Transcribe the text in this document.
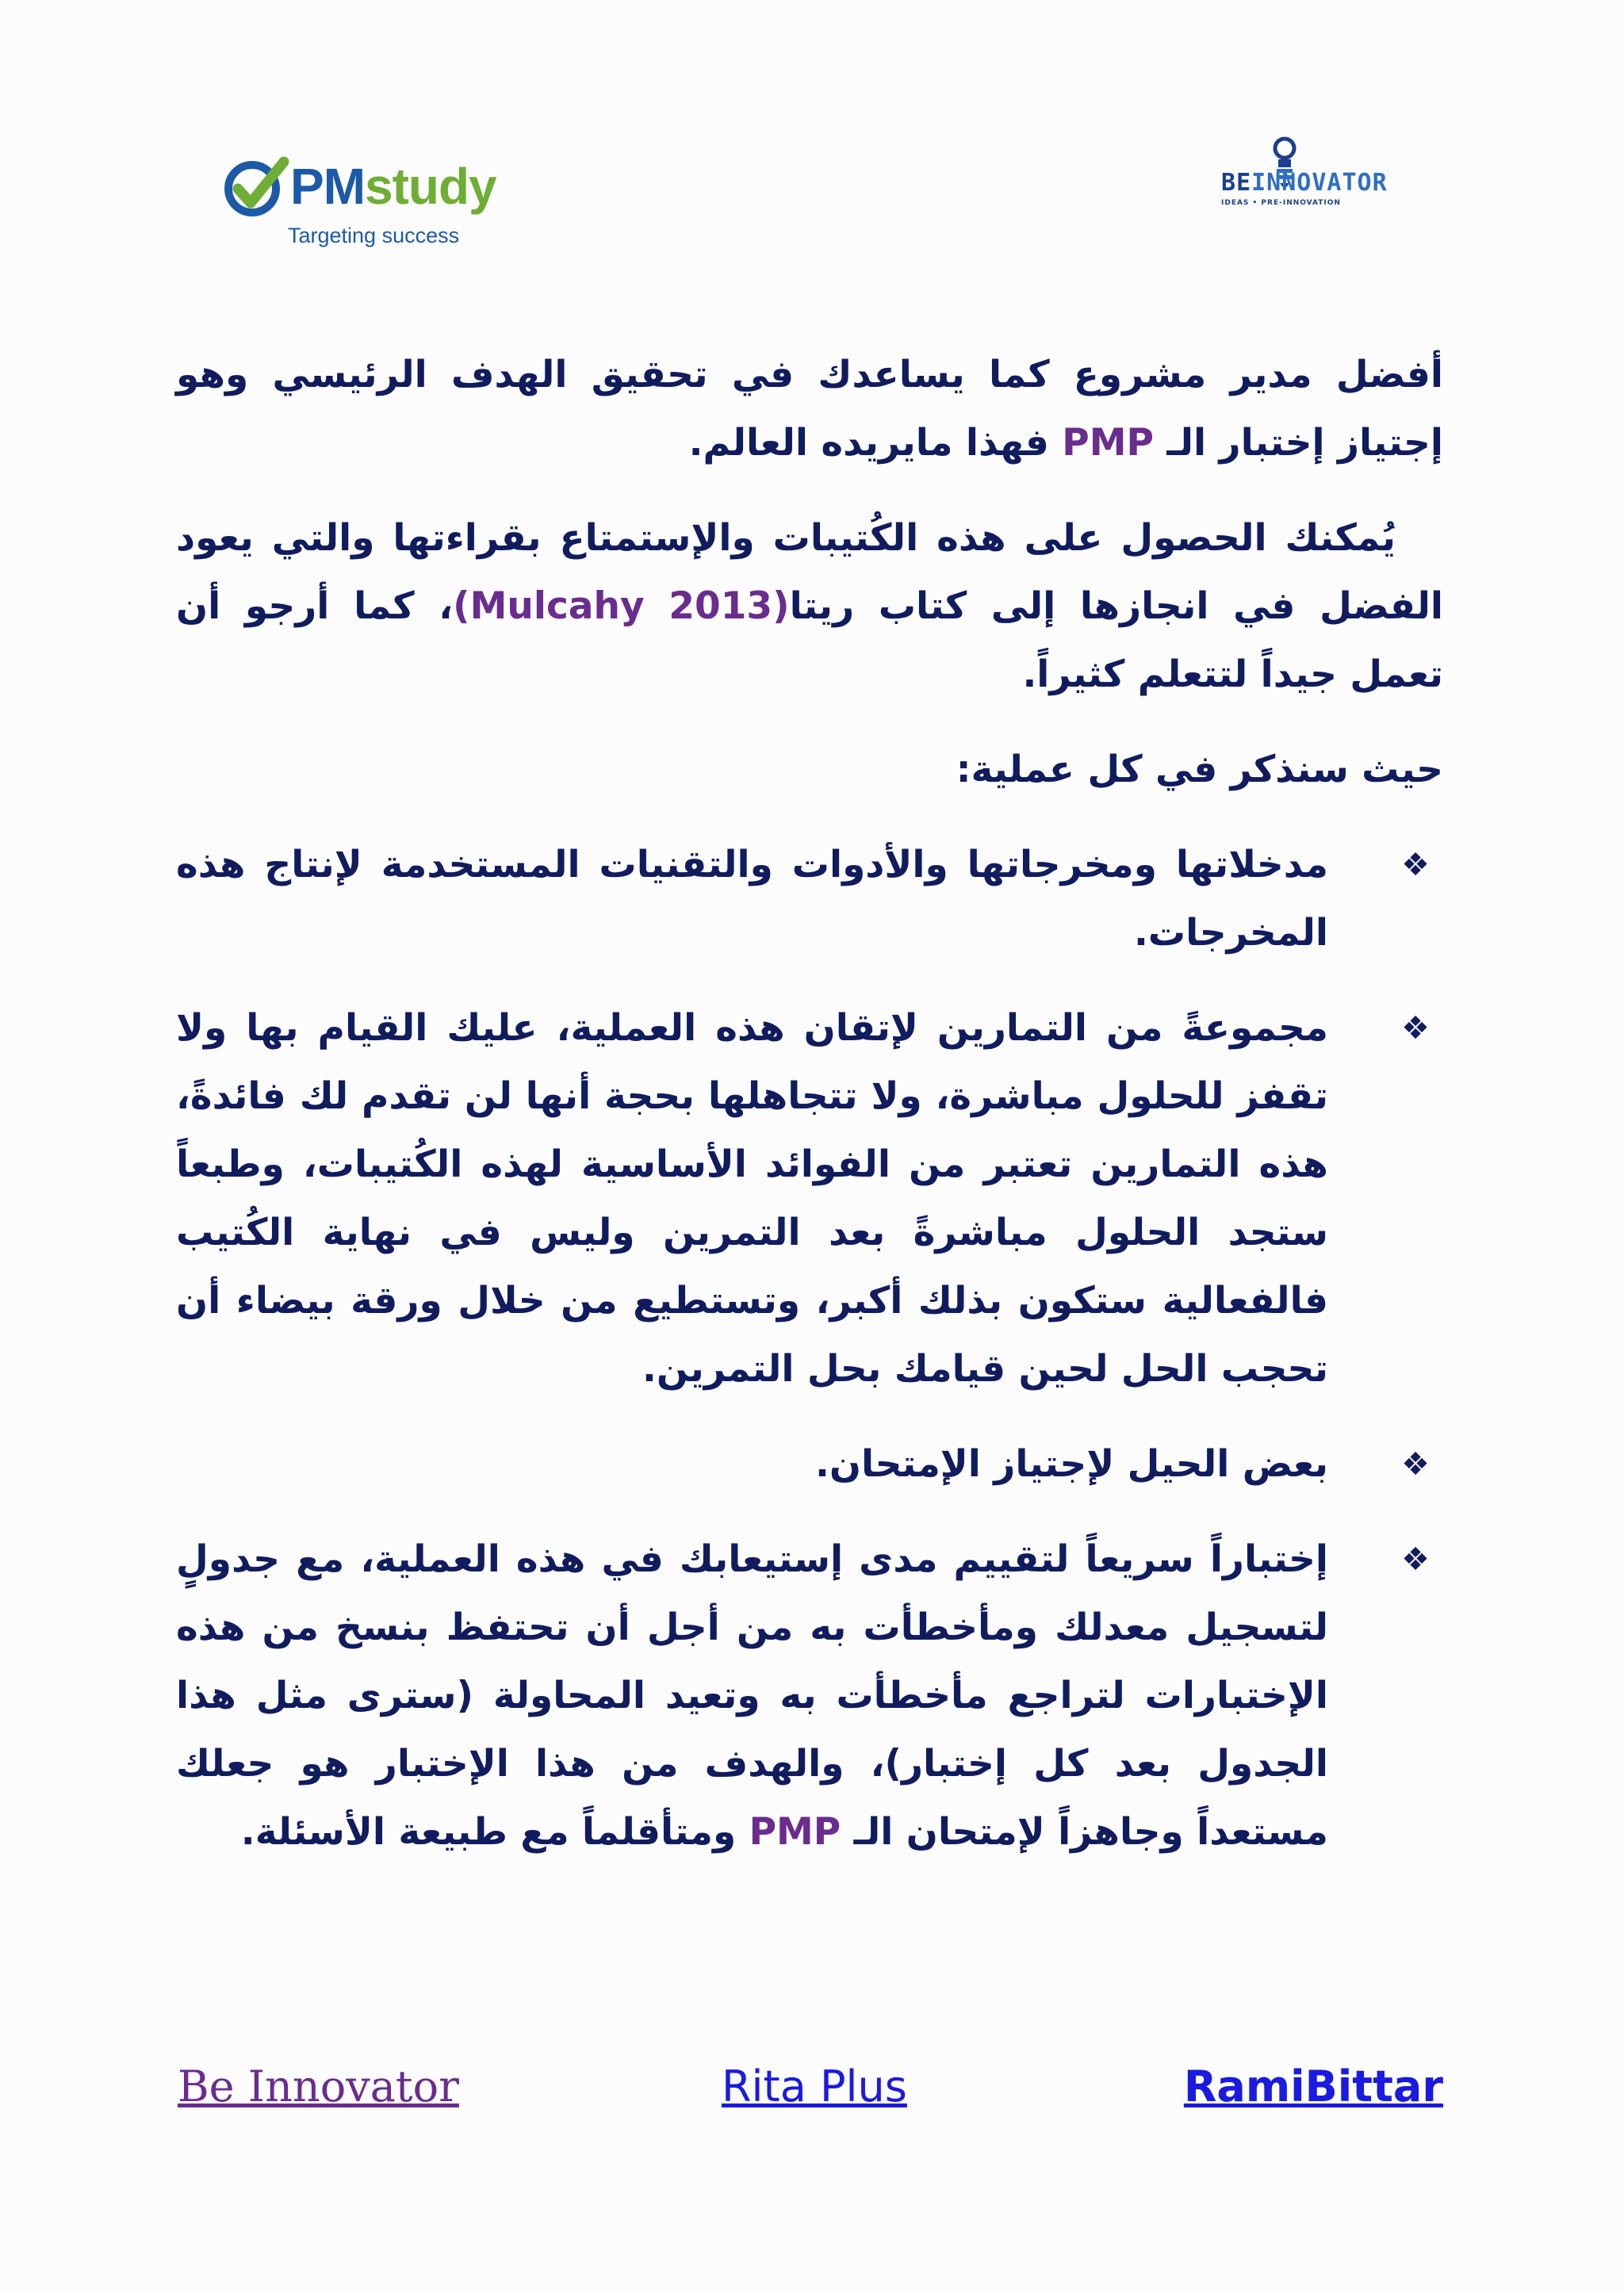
PMstudy
Targeting success
BEINNOVATOR
IDEAS • PRE-INNOVATION

أفضل مدير مشروع كما يساعدك في تحقيق الهدف الرئيسي وهو إجتياز إختبار الـ PMP فهذا مايريده العالم.

يُمكنك الحصول على هذه الكُتيبات والإستمتاع بقراءتها والتي يعود الفضل في انجازها إلى كتاب ريتا(Mulcahy 2013)، كما أرجو أن تعمل جيداً لتتعلم كثيراً.

حيث سنذكر في كل عملية:

❖
مدخلاتها ومخرجاتها والأدوات والتقنيات المستخدمة لإنتاج هذه المخرجات.
❖
مجموعةً من التمارين لإتقان هذه العملية، عليك القيام بها ولا تقفز للحلول مباشرة، ولا تتجاهلها بحجة أنها لن تقدم لك فائدةً، هذه التمارين تعتبر من الفوائد الأساسية لهذه الكُتيبات، وطبعاً ستجد الحلول مباشرةً بعد التمرين وليس في نهاية الكُتيب فالفعالية ستكون بذلك أكبر، وتستطيع من خلال ورقة بيضاء أن تحجب الحل لحين قيامك بحل التمرين.
❖
بعض الحيل لإجتياز الإمتحان.
❖
إختباراً سريعاً لتقييم مدى إستيعابك في هذه العملية، مع جدولٍ لتسجيل معدلك ومأخطأت به من أجل أن تحتفظ بنسخ من هذه الإختبارات لتراجع مأخطأت به وتعيد المحاولة (سترى مثل هذا الجدول بعد كل إختبار)، والهدف من هذا الإختبار هو جعلك مستعداً وجاهزاً لإمتحان الـ PMP ومتأقلماً مع طبيعة الأسئلة.
Be Innovator	Rita Plus	RamiBittar
